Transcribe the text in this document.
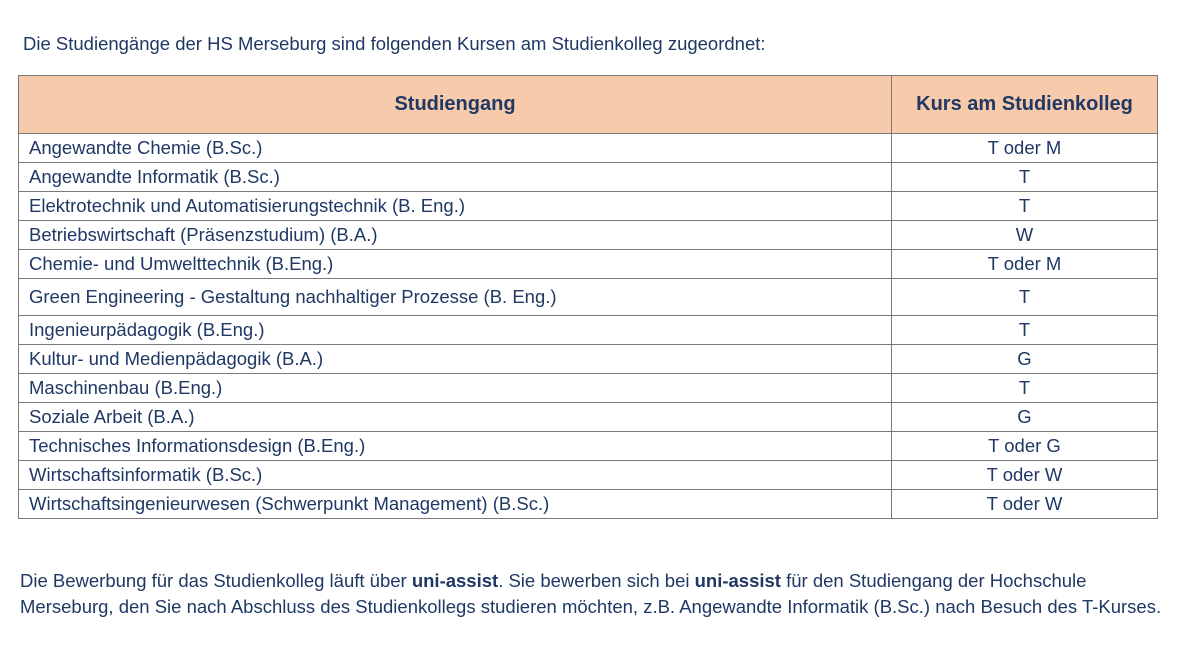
Die Studiengänge der HS Merseburg sind folgenden Kursen am Studienkolleg zugeordnet:
Studiengang	Kurs am Studienkolleg
Angewandte Chemie (B.Sc.)	T oder M
Angewandte Informatik (B.Sc.)	T
Elektrotechnik und Automatisierungstechnik (B. Eng.)	T
Betriebswirtschaft (Präsenzstudium) (B.A.)	W
Chemie- und Umwelttechnik (B.Eng.)	T oder M
Green Engineering - Gestaltung nachhaltiger Prozesse (B. Eng.)	T
Ingenieurpädagogik (B.Eng.)	T
Kultur- und Medienpädagogik (B.A.)	G
Maschinenbau (B.Eng.)	T
Soziale Arbeit (B.A.)	G
Technisches Informationsdesign (B.Eng.)	T oder G
Wirtschaftsinformatik (B.Sc.)	T oder W
Wirtschaftsingenieurwesen (Schwerpunkt Management) (B.Sc.)	T oder W
Die Bewerbung für das Studienkolleg läuft über uni-assist. Sie bewerben sich bei uni-assist für den Studiengang der Hochschule Merseburg, den Sie nach Abschluss des Studienkollegs studieren möchten, z.B. Angewandte Informatik (B.Sc.) nach Besuch des T-Kurses.
